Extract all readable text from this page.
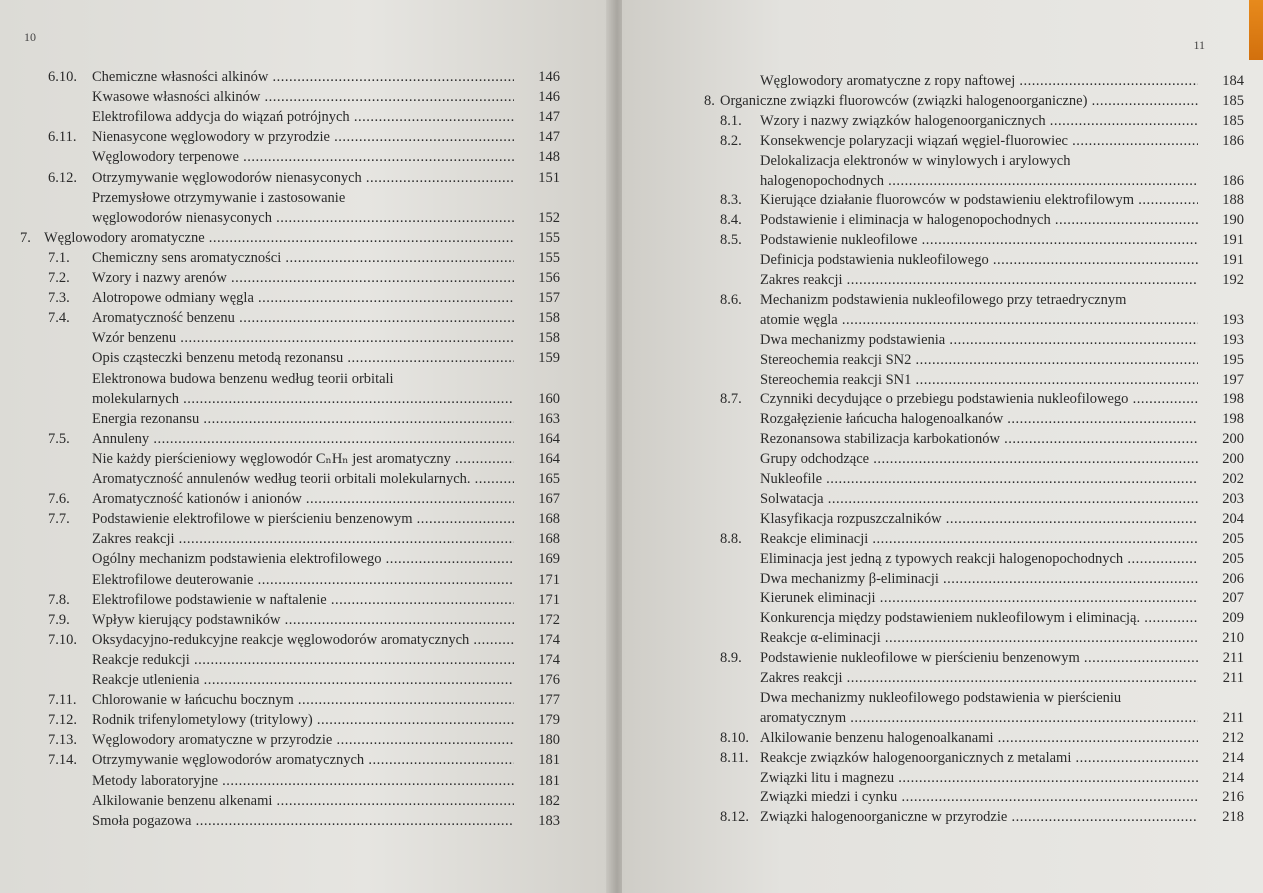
10
6.10. Chemiczne własności alkinów .....	146
Kwasowe własności alkinów .....	146
Elektrofilowa addycja do wiązań potrójnych .....	147
6.11. Nienasycone węglowodory w przyrodzie .....	147
Węglowodory terpenowe .....	148
6.12. Otrzymywanie węglowodorów nienasyconych .....	151
Przemysłowe otrzymywanie i zastosowanie
węglowodorów nienasyconych .....	152
7. Węglowodory aromatyczne .....	155
7.1. Chemiczny sens aromatyczności .....	155
7.2. Wzory i nazwy arenów .....	156
7.3. Alotropowe odmiany węgla .....	157
7.4. Aromatyczność benzenu .....	158
Wzór benzenu .....	158
Opis cząsteczki benzenu metodą rezonansu .....	159
Elektronowa budowa benzenu według teorii orbitali
molekularnych .....	160
Energia rezonansu .....	163
7.5. Annuleny .....	164
Nie każdy pierścieniowy węglowodór CₙHₙ jest aromatyczny .....	164
Aromatyczność annulenów według teorii orbitali molekularnych. .....	165
7.6. Aromatyczność kationów i anionów .....	167
7.7. Podstawienie elektrofilowe w pierścieniu benzenowym .....	168
Zakres reakcji .....	168
Ogólny mechanizm podstawienia elektrofilowego .....	169
Elektrofilowe deuterowanie .....	171
7.8. Elektrofilowe podstawienie w naftalenie .....	171
7.9. Wpływ kierujący podstawników .....	172
7.10. Oksydacyjno-redukcyjne reakcje węglowodorów aromatycznych .....	174
Reakcje redukcji .....	174
Reakcje utlenienia .....	176
7.11. Chlorowanie w łańcuchu bocznym .....	177
7.12. Rodnik trifenylometylowy (tritylowy) .....	179
7.13. Węglowodory aromatyczne w przyrodzie .....	180
7.14. Otrzymywanie węglowodorów aromatycznych .....	181
Metody laboratoryjne .....	181
Alkilowanie benzenu alkenami .....	182
Smoła pogazowa .....	183
11
Węglowodory aromatyczne z ropy naftowej .....	184
8. Organiczne związki fluorowców (związki halogenoorganiczne) .....	185
8.1. Wzory i nazwy związków halogenoorganicznych .....	185
8.2. Konsekwencje polaryzacji wiązań węgiel-fluorowiec .....	186
Delokalizacja elektronów w winylowych i arylowych
halogenopochodnych .....	186
8.3. Kierujące działanie fluorowców w podstawieniu elektrofilowym .....	188
8.4. Podstawienie i eliminacja w halogenopochodnych .....	190
8.5. Podstawienie nukleofilowe .....	191
Definicja podstawienia nukleofilowego .....	191
Zakres reakcji .....	192
8.6. Mechanizm podstawienia nukleofilowego przy tetraedrycznym
atomie węgla .....	193
Dwa mechanizmy podstawienia .....	193
Stereochemia reakcji SN2 .....	195
Stereochemia reakcji SN1 .....	197
8.7. Czynniki decydujące o przebiegu podstawienia nukleofilowego .....	198
Rozgałęzienie łańcucha halogenoalkanów .....	198
Rezonansowa stabilizacja karbokationów .....	200
Grupy odchodzące .....	200
Nukleofile .....	202
Solwatacja .....	203
Klasyfikacja rozpuszczalników .....	204
8.8. Reakcje eliminacji .....	205
Eliminacja jest jedną z typowych reakcji halogenopochodnych .....	205
Dwa mechanizmy β-eliminacji .....	206
Kierunek eliminacji .....	207
Konkurencja między podstawieniem nukleofilowym i eliminacją. .....	209
Reakcje α-eliminacji .....	210
8.9. Podstawienie nukleofilowe w pierścieniu benzenowym .....	211
Zakres reakcji .....	211
Dwa mechanizmy nukleofilowego podstawienia w pierścieniu
aromatycznym .....	211
8.10. Alkilowanie benzenu halogenoalkanami .....	212
8.11. Reakcje związków halogenoorganicznych z metalami .....	214
Związki litu i magnezu .....	214
Związki miedzi i cynku .....	216
8.12. Związki halogenoorganiczne w przyrodzie .....	218
